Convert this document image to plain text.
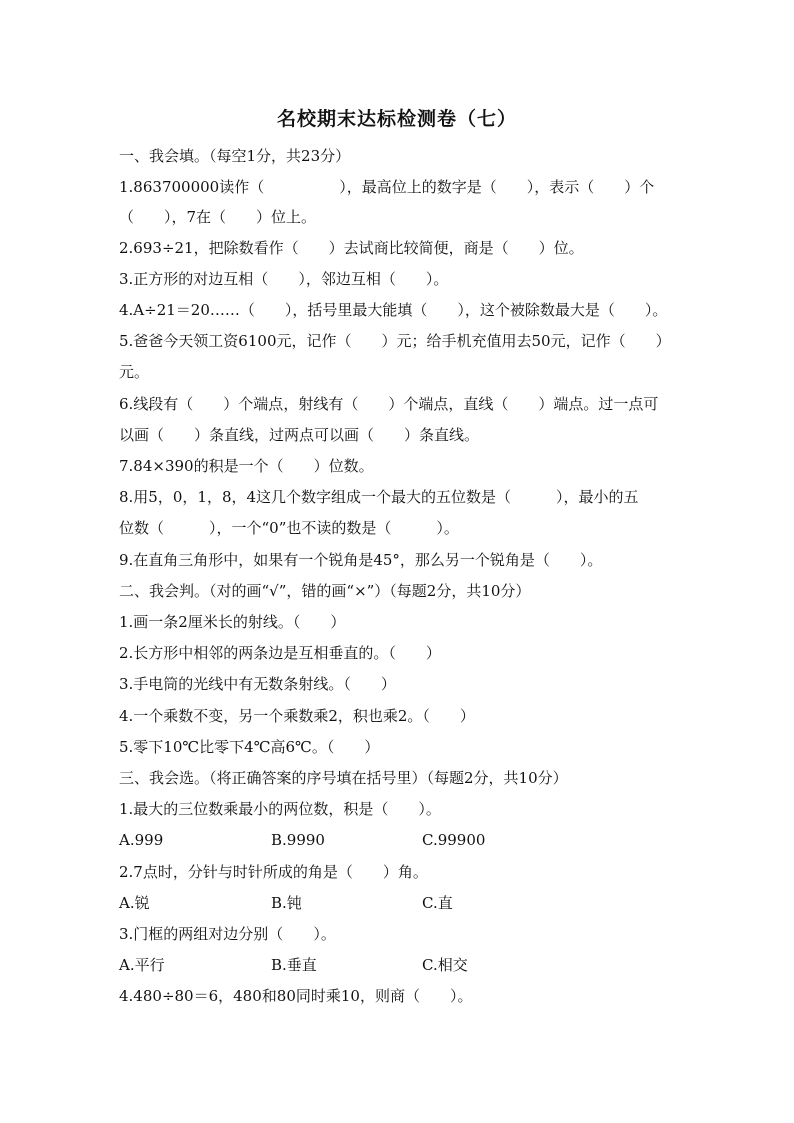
名校期末达标检测卷（七）
一、我会填。（每空1分，共23分）
1.863700000读作（　　　　　），最高位上的数字是（　　），表示（　　）个
（　　），7在（　　）位上。
2.693÷21，把除数看作（　　）去试商比较简便，商是（　　）位。
3.正方形的对边互相（　　），邻边互相（　　）。
4.A÷21＝20……（　　），括号里最大能填（　　），这个被除数最大是（　　）。
5.爸爸今天领工资6100元，记作（　　）元；给手机充值用去50元，记作（　　）
元。
6.线段有（　　）个端点，射线有（　　）个端点，直线（　　）端点。过一点可
以画（　　）条直线，过两点可以画（　　）条直线。
7.84×390的积是一个（　　）位数。
8.用5，0，1，8，4这几个数字组成一个最大的五位数是（　　　），最小的五
位数（　　　），一个“0”也不读的数是（　　　）。
9.在直角三角形中，如果有一个锐角是45°，那么另一个锐角是（　　）。
二、我会判。（对的画“√”，错的画“×”）（每题2分，共10分）
1.画一条2厘米长的射线。（　　）
2.长方形中相邻的两条边是互相垂直的。（　　）
3.手电筒的光线中有无数条射线。（　　）
4.一个乘数不变，另一个乘数乘2，积也乘2。（　　）
5.零下10℃比零下4℃高6℃。（　　）
三、我会选。（将正确答案的序号填在括号里）（每题2分，共10分）
1.最大的三位数乘最小的两位数，积是（　　）。
A.999	B.9990	C.99900
2.7点时，分针与时针所成的角是（　　）角。
A.锐	B.钝	C.直
3.门框的两组对边分别（　　）。
A.平行	B.垂直	C.相交
4.480÷80＝6，480和80同时乘10，则商（　　）。
